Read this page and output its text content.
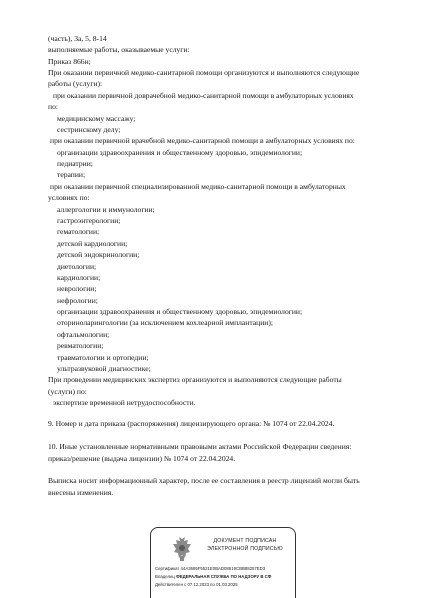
(часть), 3а, 5, 8-14
выполняемые работы, оказываемые услуги:
Приказ 866н;
При оказании первичной медико-санитарной помощи организуются и выполняются следующие
работы (услуги):
при оказании первичной доврачебной медико-санитарной помощи в амбулаторных условиях
по:
медицинскому массажу;
сестринскому делу;
при оказании первичной врачебной медико-санитарной помощи в амбулаторных условиях по:
организации здравоохранения и общественному здоровью, эпидемиологии;
педиатрии;
терапии;
при оказании первичной специализированной медико-санитарной помощи в амбулаторных
условиях по:
аллергологии и иммунологии;
гастроэнтерологии;
гематологии;
детской кардиологии;
детской эндокринологии;
диетологии;
кардиологии;
неврологии;
нефрологии;
организации здравоохранения и общественному здоровью, эпидемиологии;
оториноларингологии (за исключением кохлеарной имплантации);
офтальмологии;
ревматологии;
травматологии и ортопедии;
ультразвуковой диагностике;
При проведении медицинских экспертиз организуются и выполняются следующие работы
(услуги) по:
экспертизе временной нетрудоспособности.
9. Номер и дата приказа (распоряжения) лицензирующего органа: № 1074 от 22.04.2024.
10. Иные установленные нормативными правовыми актами Российской Федерации сведения:
приказ/решение (выдача лицензии) № 1074 от 22.04.2024.
Выписка носит информационный характер, после ее составления в реестр лицензий могли быть
внесены изменения.
ДОКУМЕНТ ПОДПИСАН
ЭЛЕКТРОННОЙ ПОДПИСЬЮ
Сертификат 44A3695F5521E0BAD08619CBB88257ED3
Владелец ФЕДЕРАЛЬНАЯ СЛУЖБА ПО НАДЗОРУ В СФ
Действителен с 07.12.2023 по 01.03.2025
